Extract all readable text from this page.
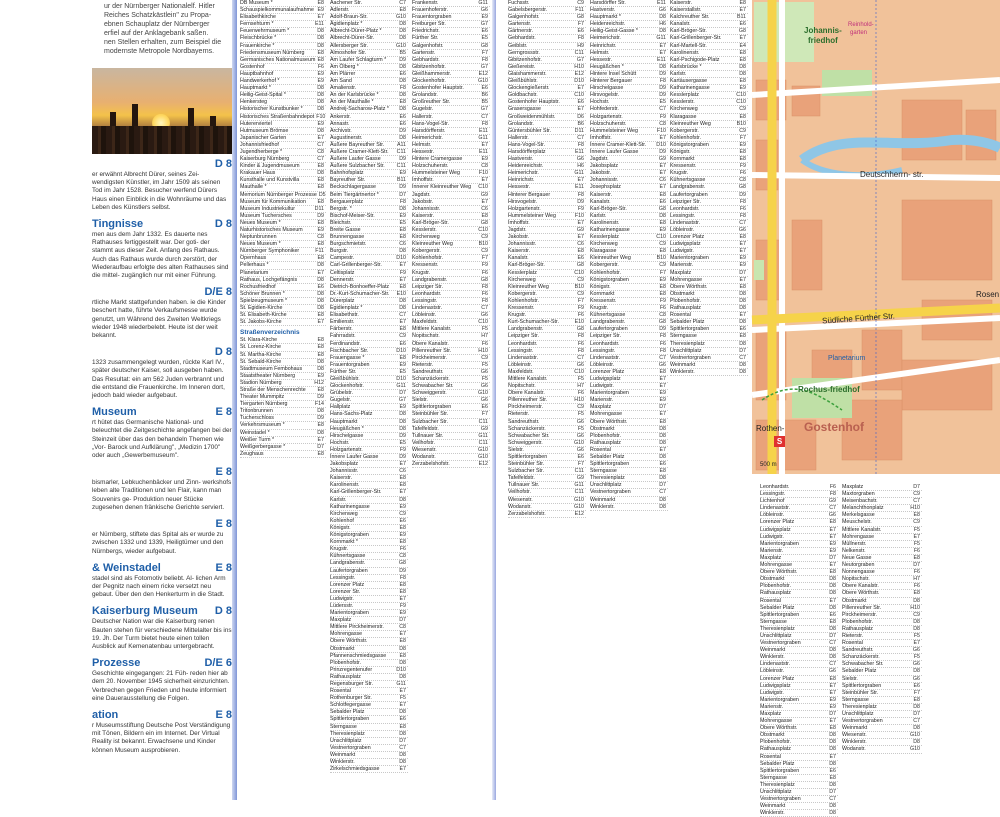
ur der Nürnberger Nationalelf. Hitler
Reiches Schatzkästlein" zu Propa-
ebnen Schauplatz der Nürnberger
erfiel auf der Anklagebank saßen.
nen Stellen erhalten, zum Beispiel die
modernste Metropole Nordbayerns.
D 8
er erwähnt Albrecht Dürer, seines Zei- wendigsten Künstler, im Jahr 1509 als seinen Tod im Jahr 1528. Besucher werfend Dürers Haus einen Einblick in die Wohnräume und das Leben des Künstlers selbst.
Tingnisse	D 8
men aus dem Jahr 1332. Es dauerte nes Rathauses fertiggestellt war. Der goti- der stammt aus dieser Zeit. Anfang des Rathaus. Auch das Rathaus wurde durch zerstört, der Wiederaufbau erfolgte des alten Rathauses sind die mittel- zugänglich nur mit einer Führung.
D/E 8
rtliche Markt stattgefunden haben. ie die Kinder beschert hatte, führte Verkaufsmesse wurde genutzt, um Während des Zweiten Weltkriegs wieder 1948 wiederbelebt. Heute ist der weit bekannt.
D 8
1323 zusammengelegt wurden, rückte Karl IV., später deutscher Kaiser, soll ausgeben haben. Das Resultat: ein am 562 Juden verbrannt und die entstand die Frauenkirche. Im Inneren dort, jedoch bald wieder aufgebaut.
Museum	E 8
rt hütet das Germanische National- und beleuchtet die Zeitgeschichte angefangen bei der Steinzeit über das den behandeln Themen wie „Vor- Barock und Aufklärung", „Medizin 1700" oder auch „Gewerbemuseum".
E 8
bismarler, Lebkuchenbäcker und Zinn- werkshofs leben alte Traditionen und len Flair, kann man Souvenirs ge- Produktion neuer Stücke zugesehen denen fränkische Gerichte serviert.
E 8
er Nürnberg, stiftete das Spital als er wurde zu zwischen 1332 und 1339, Heiligtümer und den Nürnbergs, wieder aufgebaut.
& Weinstadel	E 8
stadel sind als Fotomotiv beliebt. Al- lichen Arm der Pegnitz nach einem ricke versetzt neu gebaut. Über den den Henkerturm in die Stadt.
Kaiserburg Museum D 8
Deutscher Nation war die Kaiserburg renen Bauten stehen für verschiedene Mittelalter bis ins 19. Jh. Der Turm bietet heute einen tollen Ausblick auf Kemenatenbau untergebracht.
Prozesse	D/E 6
Geschichte eingegangen: 21 Füh- reden hier ab dem 20. November 1945 sicherheit einzurichten. Verbrechen gegen Frieden und heute informiert eine Dauerausstellung die Folgen.
ation	E 8
r Museumsstiftung Deutsche Post Verständigung mit Tönen, Bildern ein im Internet. Der Virtual Reality ist bekannt. Erwachsene und Kinder können Museum ausprobieren.
DB Museum *	E8
Schauspielkommunalaufnahme E9
Elisabethkirche	E7
Fernsehturm *	E11
Feuerwehrmuseum *	D8
Fleischbrücke *	D8
Frauenkirche *	D8
Friedensmuseum Nürnberg	E8
Germanisches Nationalmuseum E8
Gostenhof	F6
Hauptbahnhof	E9
Handwerkerhof *	E9
Hauptmarkt *	D8
Heilig-Geist-Spital *	D8
Henkersteg	D8
Historischer Kunstbunker *	D8
Historisches Straßenbahndepot F10
Hutererviertel	E9
Hutmuseum Brömse	D8
Japanischer Garten	E7
Johannisfriedhof	C7
Jugendherberge *	C8
Kaiserburg Nürnberg	C7
Kinder & Jugendmuseum	E8
Krakauer Haus	D8
Kunsthalle und Kunstvilla	E8
Mauthalle *	E8
Memorium Nürnberger Prozesse D5
Museum für Kommunikation	E8
Museum Industriekultur	D11
Museum Tuchersches	D9
Neues Museum *	E8
Naturhistorisches Museum	E9
Neptunbrunnen	C8
Neues Museum *	E8
Nürnberger Symphoniker	F11
Opernhaus	E8
Pellerhaus *	D8
Planetarium	E7
Rathaus, Lochgefängnis	D8
Rochusfriedhof	E6
Schöner Brunnen *	D8
Spielzeugmuseum *	D8
St. Egidien-Kirche	D8
St. Elisabeth-Kirche	E8
St. Jakobs-Kirche	E7
Straßenverzeichnis
St. Klara-Kirche	E8
St. Lorenz-Kirche	E8
St. Martha-Kirche	E8
St. Sebald-Kirche	D8
Stadtmuseum Fembohaus	D8
Staatstheater Nürnberg	E9
Stadion Nürnberg	H12
Straße der Menschenrechte	E8
Theater Mummpitz	D9
Tiergarten Nürnberg	F14
Tritonbrunnen	D8
Tucherschloss	D9
Verkehrsmuseum *	E8
Weinstadel *	D8
Weißer Turm *	E7
Weißgerbergasse *	D7
Zeughaus	E8
Aachener Str.	C7
Adlerstr.	E8
Adolf-Braun-Str.	G10
Ägidienplatz *	D8
Albrecht-Dürer-Platz *	D8
Albrecht-Dürer-Str.	D8
Allersberger Str.	G10
Almoshofer Str.	B5
Am Laufer Schlagturm *	D9
Am Ölberg *	D8
Am Plärrer	E6
Am Sand	D8
Amalienstr.	F8
An der Karlsbrücke *	D8
An der Mauthalle *	E8
Andreij-Sacharow-Platz *	D8
Ankerstr.	E6
Annastr.	E6
Archivstr.	D9
Augustinerstr.	D8
Äußere Bayreuther Str.	A11
Äußere Cramer-Klett-Str.	C11
Äußere Laufer Gasse	D9
Äußere Sulzbacher Str.	C11
Bahnhofsplatz	E9
Bayreuther Str.	B11
Beckschlagergasse	D9
Beim Tiergärtnertor *	D7
Bergauerplatz	F8
Bergstr. *	D8
Bischof-Meiser-Str.	E9
Bleichstr.	E5
Breite Gasse	E8
Brunnengasse	E8
Burgschmietstr.	C6
Burgstr.	D8
Campestr.	D10
Carl-Grillenberger-Str.	E7
Celtisplatz	F9
Dennerstr.	E7
Dietrich-Bonhoeffer-Platz	E8
Dr.-Kurt-Schumacher-Str.	E10
Dürerplatz	D8
Egidienplatz *	D8
Elisabethstr.	C7
Emilienstr.	E7
Färberstr.	E8
Fahrradstr.	C9
Ferdinandstr.	E6
Fischbacher Str.	D10
Frauengasse *	E8
Frauentorgraben	E9
Fürther Str.	E5
Gleißbühlstr.	D10
Glockenhofstr.	G11
Grübelstr.	D7
Gugelstr.	G7
Hallplatz	E9
Hans-Sachs-Platz	D8
Hauptmarkt	D8
Heugäßchen *	D8
Hirschelgasse	D9
Hochstr.	E5
Holzgartenstr.	F9
Innere Laufer Gasse	D9
Jakobsplatz	E7
Johannisstr.	C6
Kaiserstr.	E8
Karolinenstr.	E8
Karl-Grillenberger-Str.	E7
Karlstr.	D8
Katharinengasse	E9
Kirchenweg	C9
Kohlenhof	E6
Königstr.	E8
Königstorgraben	E9
Kornmarkt *	E8
Krugstr.	F6
Kühnertsgasse	C8
Landgrabenstr.	G8
Laufertorgraben	D9
Lessingstr.	F8
Lorenzer Platz	E8
Lorenzer Str.	E8
Ludwigstr.	E7
Lüdersstr.	F9
Marientorgraben	E9
Maxplatz	D7
Mittlere Pirckheimerstr.	C8
Mohrengasse	E7
Obere Wörthstr.	E8
Obstmarkt	D8
Pfannenschmiedsgasse	E8
Plobenhofstr.	D8
Prinzregentenufer	D10
Rathausplatz	D8
Regensburger Str.	G11
Rosental	E7
Rothenburger Str.	F5
Schlotfegergasse	E7
Sebalder Platz	D8
Spittlertorgraben	E6
Sterngasse	E8
Theresienplatz	D8
Unschlittplatz	D7
Vestnertorgraben	C7
Weinmarkt	D8
Winklerstr.	D8
Zirkelschmiedsgasse	E7
Frankenstr.	G11
Frauenhoferstr.	G6
Frauentorgraben	E9
Freiburger Str.	G7
Friedrichstr.	E6
Fürther Str.	E5
Galgenhofstr.	G8
Gartenstr.	F7
Gebhardstr.	F8
Gibitzenhofstr.	G7
Gleißhammerstr.	E12
Glockenhofstr.	G10
Gostenhofer Hauptstr.	E6
Grolandstr.	B6
Großreuther Str.	B5
Gugelstr.	G7
Hallerstr.	C7
Hans-Vogel-Str.	F8
Harsdörfferstr.	E11
Heimerichstr.	G11
Helmstr.	E7
Hessestr.	E11
Hintere Cramergasse	E9
Holzschuherstr.	C8
Hummelsteiner Weg	F10
Imhoffstr.	E7
Innerer Kleinreuther Weg	C10
Jagdstr.	G9
Jakobstr.	E7
Johannisstr.	C6
Kaiserstr.	E8
Karl-Bröger-Str.	G8
Kesslerstr.	C10
Kirchenweg	C9
Kleinreuther Weg	B10
Kobergerstr.	C9
Kohlenhofstr.	F7
Kressenstr.	F9
Krugstr.	F6
Landgrabenstr.	G8
Leipziger Str.	F8
Leonhardstr.	F6
Lessingstr.	F8
Lindenaststr.	C7
Löbleinstr.	G6
Maxfeldstr.	C10
Mittlere Kanalstr.	F5
Nopitschstr.	H7
Obere Kanalstr.	F6
Pillenreuther Str.	H10
Pirckheimerstr.	C9
Rieterstr.	F5
Sandreuthstr.	G6
Schanzäckerstr.	F5
Schwabacher Str.	G6
Schweiggerstr.	G10
Sielstr.	G6
Spittlertorgraben	E6
Steinbühler Str.	F7
Sulzbacher Str.	C11
Tafelfeldstr.	G9
Tullnauer Str.	G11
Veilhofstr.	C11
Wiesenstr.	G10
Wodanstr.	G10
Zerzabelshofstr.	E12
Fuchsstr.	C9
Gabelsbergerstr.	F11
Galgenhofstr.	G8
Gartenstr.	F7
Gärtnerstr.	E6
Gebhardstr.	F8
Geiblstr.	H9
Gerngrossstr.	C11
Gibitzenhofstr.	G7
Gießereistr.	H10
Glaishammerstr.	E12
Gleißbühlstr.	D10
Glockengießerstr.	E7
Goldbachstr.	C10
Gostenhofer Hauptstr.	E6
Grasersgasse	E7
Großweidenmühlstr.	D6
Grolandstr.	B6
Güntersbühler Str.	D11
Hallerstr.	C7
Hans-Vogel-Str.	F8
Harsdörfferplatz	E11
Hastverstr.	G6
Heidenreichstr.	H6
Heimerichstr.	G11
Heinrichstr.	E7
Hessestr.	E11
Hinterer Bergauer	F8
Hirsvogelstr.	D9
Holzgartenstr.	F9
Hummelsteiner Weg	F10
Imhoffstr.	E7
Jagdstr.	G9
Jakobstr.	E7
Johannisstr.	C6
Kaiserstr.	E8
Kanalstr.	E6
Karl-Bröger-Str.	G8
Kesslerplatz	C10
Kirchenweg	C9
Kleinreuther Weg	B10
Kobergerstr.	C9
Kohlenhofstr.	F7
Kressenstr.	F9
Krugstr.	F6
Kurt-Schumacher-Str.	E10
Landgrabenstr.	G8
Leipziger Str.	F8
Leonhardstr.	F6
Lessingstr.	F8
Lindenaststr.	C7
Löbleinstr.	G6
Maxfeldstr.	C10
Mittlere Kanalstr.	F5
Nopitschstr.	H7
Obere Kanalstr.	F6
Pillenreuther Str.	H10
Pirckheimerstr.	C9
Rieterstr.	F5
Sandreuthstr.	G6
Schanzäckerstr.	F5
Schwabacher Str.	G6
Schweiggerstr.	G10
Sielstr.	G6
Spittlertorgraben	E6
Steinbühler Str.	F7
Sulzbacher Str.	C11
Tafelfeldstr.	G9
Tullnauer Str.	G11
Veilhofstr.	C11
Wiesenstr.	G10
Wodanstr.	G10
Zerzabelshofstr.	E12
Harsdörffer Str.	E11
Hastverstr.	G6
Hauptmarkt *	D8
Heidenreichstr.	H6
Heilig-Geist-Gasse *	D8
Heimerichstr.	G11
Heinrichstr.	E7
Helmstr.	E7
Hessestr.	E11
Heugäßchen *	D8
Hintere Insel Schütt	D9
Hinterer Bergauer	F8
Hirschelgasse	D9
Hirsvogelstr.	D9
Hochstr.	E5
Hohfederstr.	C7
Holzgartenstr.	F9
Holzschuherstr.	C8
Hummelsteiner Weg	F10
Imhoffstr.	E7
Innere Cramer-Klett-Str.	D10
Innere Laufer Gasse	D9
Jagdstr.	G9
Jakobsplatz	E7
Jakobstr.	E7
Johannisstr.	C6
Josephsplatz	E7
Kaiserstr.	E8
Kanalstr.	E6
Karl-Bröger-Str.	G8
Karlstr.	D8
Karolinenstr.	E8
Katharinengasse	E9
Kesslerplatz	C10
Kirchenweg	C9
Klaragasse	E8
Kleinreuther Weg	B10
Kobergerstr.	C9
Kohlenhofstr.	F7
Königstorgraben	E9
Königstr.	E8
Kornmarkt	E8
Kressenstr.	F9
Krugstr.	F6
Kühnertsgasse	C8
Landgrabenstr.	G8
Laufertorgraben	D9
Leipziger Str.	F8
Leonhardstr.	F6
Lessingstr.	F8
Lindenaststr.	C7
Löbleinstr.	G6
Lorenzer Platz	E8
Ludwigsplatz	E7
Ludwigstr.	E7
Marientorgraben	E9
Marienstr.	E9
Maxplatz	D7
Mohrengasse	E7
Obere Wörthstr.	E8
Obstmarkt	D8
Plobenhofstr.	D8
Rathausplatz	D8
Rosental	E7
Sebalder Platz	D8
Spittlertorgraben	E6
Sterngasse	E8
Theresienplatz	D8
Unschlittplatz	D7
Vestnertorgraben	C7
Weinmarkt	D8
Winklerstr.	D8
Kaiserstr.	E8
Kaiserstallstr.	E7
Kalchreuther Str.	B11
Kanalstr.	E6
Karl-Bröger-Str.	G8
Karl-Grillenberger-Str.	E7
Karl-Martell-Str.	E4
Karolinenstr.	E8
Karl-Pschigode-Platz	E8
Karlsbrücke *	D8
Karlstr.	D8
Kartäusergasse	E8
Katharinengasse	E9
Kesslerplatz	C10
Kesslerstr.	C10
Kirchenweg	C9
Klaragasse	E8
Kleinreuther Weg	B10
Kobergerstr.	C9
Kohlenhofstr.	F7
Königstorgraben	E9
Königstr.	E8
Kornmarkt	E8
Kressenstr.	F9
Krugstr.	F6
Kühnertsgasse	C8
Landgrabenstr.	G8
Laufertorgraben	D9
Leipziger Str.	F8
Leonhardstr.	F6
Lessingstr.	F8
Lindenaststr.	C7
Löbleinstr.	G6
Lorenzer Platz	E8
Ludwigsplatz	E7
Ludwigstr.	E7
Marientorgraben	E9
Marienstr.	E9
Maxplatz	D7
Mohrengasse	E7
Obere Wörthstr.	E8
Obstmarkt	D8
Plobenhofstr.	D8
Rathausplatz	D8
Rosental	E7
Sebalder Platz	D8
Spittlertorgraben	E6
Sterngasse	E8
Theresienplatz	D8
Unschlittplatz	D7
Vestnertorgraben	C7
Weinmarkt	D8
Winklerstr.	D8
Leonhardstr.	F6
Lessingstr.	F8
Lichtenhof	G9
Lindenaststr.	C7
Löbleinstr.	G6
Lorenzer Platz	E8
Ludwigsplatz	E7
Ludwigstr.	E7
Marientorgraben	E9
Marienstr.	E9
Maxplatz	D7
Mohrengasse	E7
Obere Wörthstr.	E8
Obstmarkt	D8
Plobenhofstr.	D8
Rathausplatz	D8
Rosental	E7
Sebalder Platz	D8
Spittlertorgraben	E6
Sterngasse	E8
Theresienplatz	D8
Unschlittplatz	D7
Vestnertorgraben	C7
Weinmarkt	D8
Winklerstr.	D8
Lindenaststr.	C7
Löbleinstr.	G6
Lorenzer Platz	E8
Ludwigsplatz	E7
Ludwigstr.	E7
Marientorgraben	E9
Marienstr.	E9
Maxplatz	D7
Mohrengasse	E7
Obere Wörthstr.	E8
Obstmarkt	D8
Plobenhofstr.	D8
Rathausplatz	D8
Rosental	E7
Sebalder Platz	D8
Spittlertorgraben	E6
Sterngasse	E8
Theresienplatz	D8
Unschlittplatz	D7
Vestnertorgraben	C7
Weinmarkt	D8
Winklerstr.	D8
Maxplatz	D7
Maxtorgraben	C9
Meisenbachstr.	C7
Melanchthonplatz	H10
Merkelsgasse	E8
Meuschelstr.	C9
Mittlere Kanalstr.	F5
Mohrengasse	E7
Müllnerstr.	F5
Nelkenstr.	F6
Neue Gasse	E8
Neutorgraben	D7
Nonnengasse	F6
Nopitschstr.	H7
Obere Kanalstr.	F6
Obere Wörthstr.	E8
Obstmarkt	D8
Pillenreuther Str.	H10
Pirckheimerstr.	C9
Plobenhofstr.	D8
Rathausplatz	D8
Rieterstr.	F5
Rosental	E7
Sandreuthstr.	G6
Schanzäckerstr.	F5
Schwabacher Str.	G6
Sebalder Platz	D8
Sielstr.	G6
Spittlertorgraben	E6
Steinbühler Str.	F7
Sterngasse	E8
Theresienplatz	D8
Unschlittplatz	D7
Vestnertorgraben	C7
Weinmarkt	D8
Wiesenstr.	G10
Winklerstr.	D8
Wodanstr.	G10
Johannis-
friedhof
Reinhold-
garten
Deutschherrn- str.
Südliche Fürther Str.
Planetarium
Rochus-friedhof
Rothen- Gostenhof
Rosen
S
500 m
